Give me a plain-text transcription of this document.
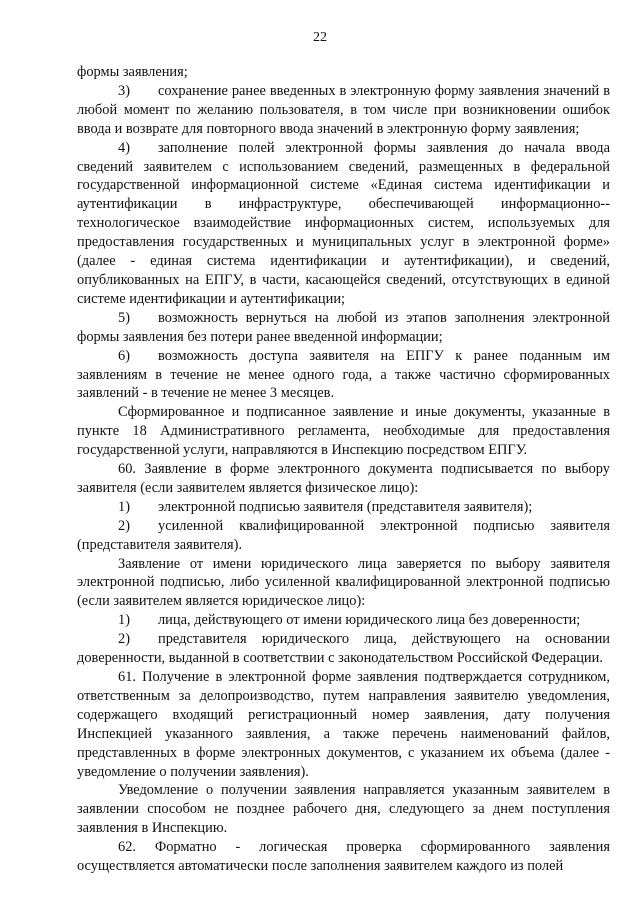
22

формы заявления;

3) сохранение ранее введенных в электронную форму заявления значений в любой момент по желанию пользователя, в том числе при возникновении ошибок ввода и возврате для повторного ввода значений в электронную форму заявления;

4) заполнение полей электронной формы заявления до начала ввода сведений заявителем с использованием сведений, размещенных в федеральной государственной информационной системе «Единая система идентификации и аутентификации в инфраструктуре, обеспечивающей информационно-- технологическое взаимодействие информационных систем, используемых для предоставления государственных и муниципальных услуг в электронной форме» (далее - единая система идентификации и аутентификации), и сведений, опубликованных на ЕПГУ, в части, касающейся сведений, отсутствующих в единой системе идентификации и аутентификации;

5) возможность вернуться на любой из этапов заполнения электронной формы заявления без потери ранее введенной информации;

6) возможность доступа заявителя на ЕПГУ к ранее поданным им заявлениям в течение не менее одного года, а также частично сформированных заявлений - в течение не менее 3 месяцев.

Сформированное и подписанное заявление и иные документы, указанные в пункте 18 Административного регламента, необходимые для предоставления государственной услуги, направляются в Инспекцию посредством ЕПГУ.

60. Заявление в форме электронного документа подписывается по выбору заявителя (если заявителем является физическое лицо):

1) электронной подписью заявителя (представителя заявителя);

2) усиленной квалифицированной электронной подписью заявителя (представителя заявителя).

Заявление от имени юридического лица заверяется по выбору заявителя электронной подписью, либо усиленной квалифицированной электронной подписью (если заявителем является юридическое лицо):

1) лица, действующего от имени юридического лица без доверенности;

2) представителя юридического лица, действующего на основании доверенности, выданной в соответствии с законодательством Российской Федерации.

61. Получение в электронной форме заявления подтверждается сотрудником, ответственным за делопроизводство, путем направления заявителю уведомления, содержащего входящий регистрационный номер заявления, дату получения Инспекцией указанного заявления, а также перечень наименований файлов, представленных в форме электронных документов, с указанием их объема (далее - уведомление о получении заявления).

Уведомление о получении заявления направляется указанным заявителем в заявлении способом не позднее рабочего дня, следующего за днем поступления заявления в Инспекцию.

62. Форматно - логическая проверка сформированного заявления осуществляется автоматически после заполнения заявителем каждого из полей
